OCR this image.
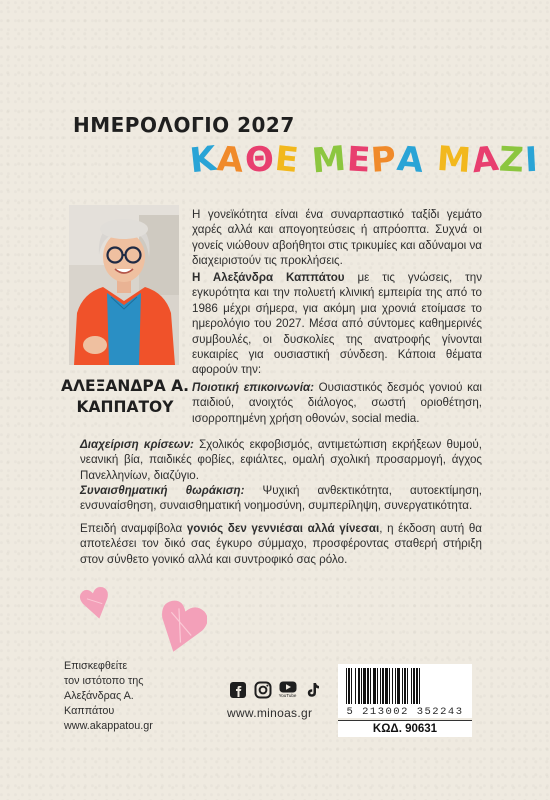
ΗΜΕΡΟΛΟΓΙΟ 2027
ΚΑΘΕ ΜΕΡΑ ΜΑΖΙ
ΑΛΕΞΑΝΔΡΑ Α.
ΚΑΠΠΑΤΟΥ

Η γονεϊκότητα είναι ένα συναρπαστικό ταξίδι γεμάτο χαρές αλλά και απογοητεύσεις ή απρόοπτα. Συχνά οι γονείς νιώθουν αβοήθητοι στις τρικυμίες και αδύναμοι να διαχειριστούν τις προκλήσεις.

Η Αλεξάνδρα Καππάτου με τις γνώσεις, την εγκυρότητα και την πολυετή κλινική εμπειρία της από το 1986 μέχρι σήμερα, για ακόμη μια χρονιά ετοίμασε το ημερολόγιο του 2027. Μέσα από σύντομες καθημερινές συμβουλές, οι δυσκολίες της ανατροφής γίνονται ευκαιρίες για ουσιαστική σύνδεση. Κάποια θέματα αφορούν την:

Ποιοτική επικοινωνία: Ουσιαστικός δεσμός γονιού και παιδιού, ανοιχτός διάλογος, σωστή οριοθέτηση, ισορροπημένη χρήση οθονών, social media.

Διαχείριση κρίσεων: Σχολικός εκφοβισμός, αντιμετώπιση εκρήξεων θυμού, νεανική βία, παιδικές φοβίες, εφιάλτες, ομαλή σχολική προσαρμογή, άγχος Πανελληνίων, διαζύγιο.

Συναισθηματική θωράκιση: Ψυχική ανθεκτικότητα, αυτοεκτίμηση, ενσυναίσθηση, συναισθηματική νοημοσύνη, συμπερίληψη, συνεργατικότητα.

Επειδή αναμφίβολα γονιός δεν γεννιέσαι αλλά γίνεσαι, η έκδοση αυτή θα αποτελέσει τον δικό σας έγκυρο σύμμαχο, προσφέροντας σταθερή στήριξη στον σύνθετο γονικό αλλά και συντροφικό σας ρόλο.

Επισκεφθείτε
τον ιστότοπο της
Αλεξάνδρας Α. Καππάτου
www.akappatou.gr
YouTube
www.minoas.gr	5 213002 352243
ΚΩΔ. 90631
